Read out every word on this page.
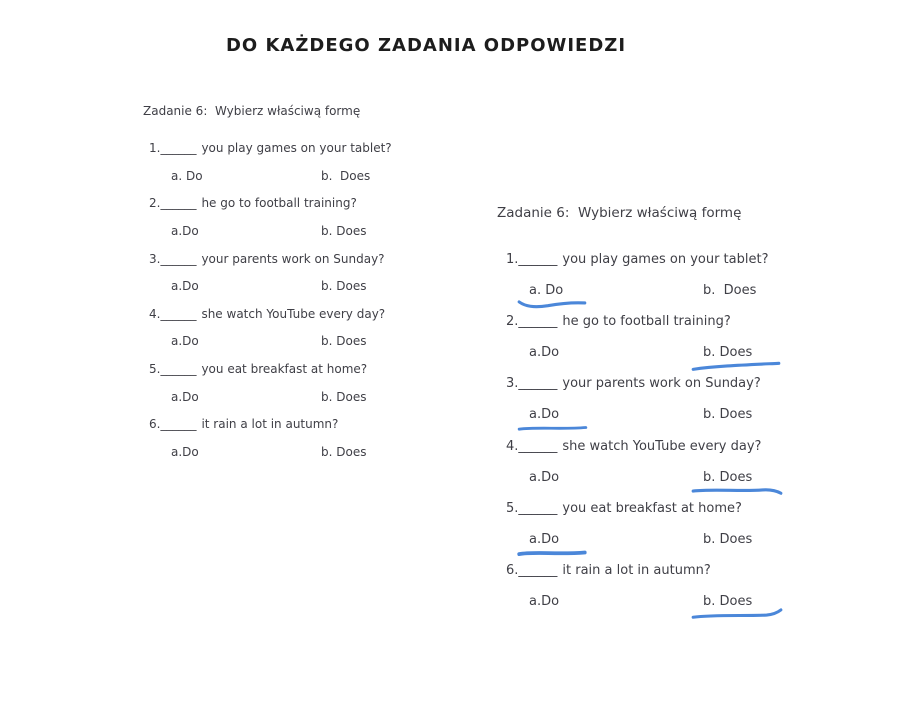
DO KAŻDEGO ZADANIA ODPOWIEDZI
Zadanie 6:  Wybierz właściwą formę
1.______ you play games on your tablet?
a. Do	b.  Does
2.______ he go to football training?
a.Do	b. Does
3.______ your parents work on Sunday?
a.Do	b. Does
4.______ she watch YouTube every day?
a.Do	b. Does
5.______ you eat breakfast at home?
a.Do	b. Does
6.______ it rain a lot in autumn?
a.Do	b. Does
Zadanie 6:  Wybierz właściwą formę
1.______ you play games on your tablet?
a. Do
	b.  Does

2.______ he go to football training?
a.Do
	b. Does

3.______ your parents work on Sunday?
a.Do
	b. Does

4.______ she watch YouTube every day?
a.Do
	b. Does

5.______ you eat breakfast at home?
a.Do
	b. Does

6.______ it rain a lot in autumn?
a.Do
	b. Does
